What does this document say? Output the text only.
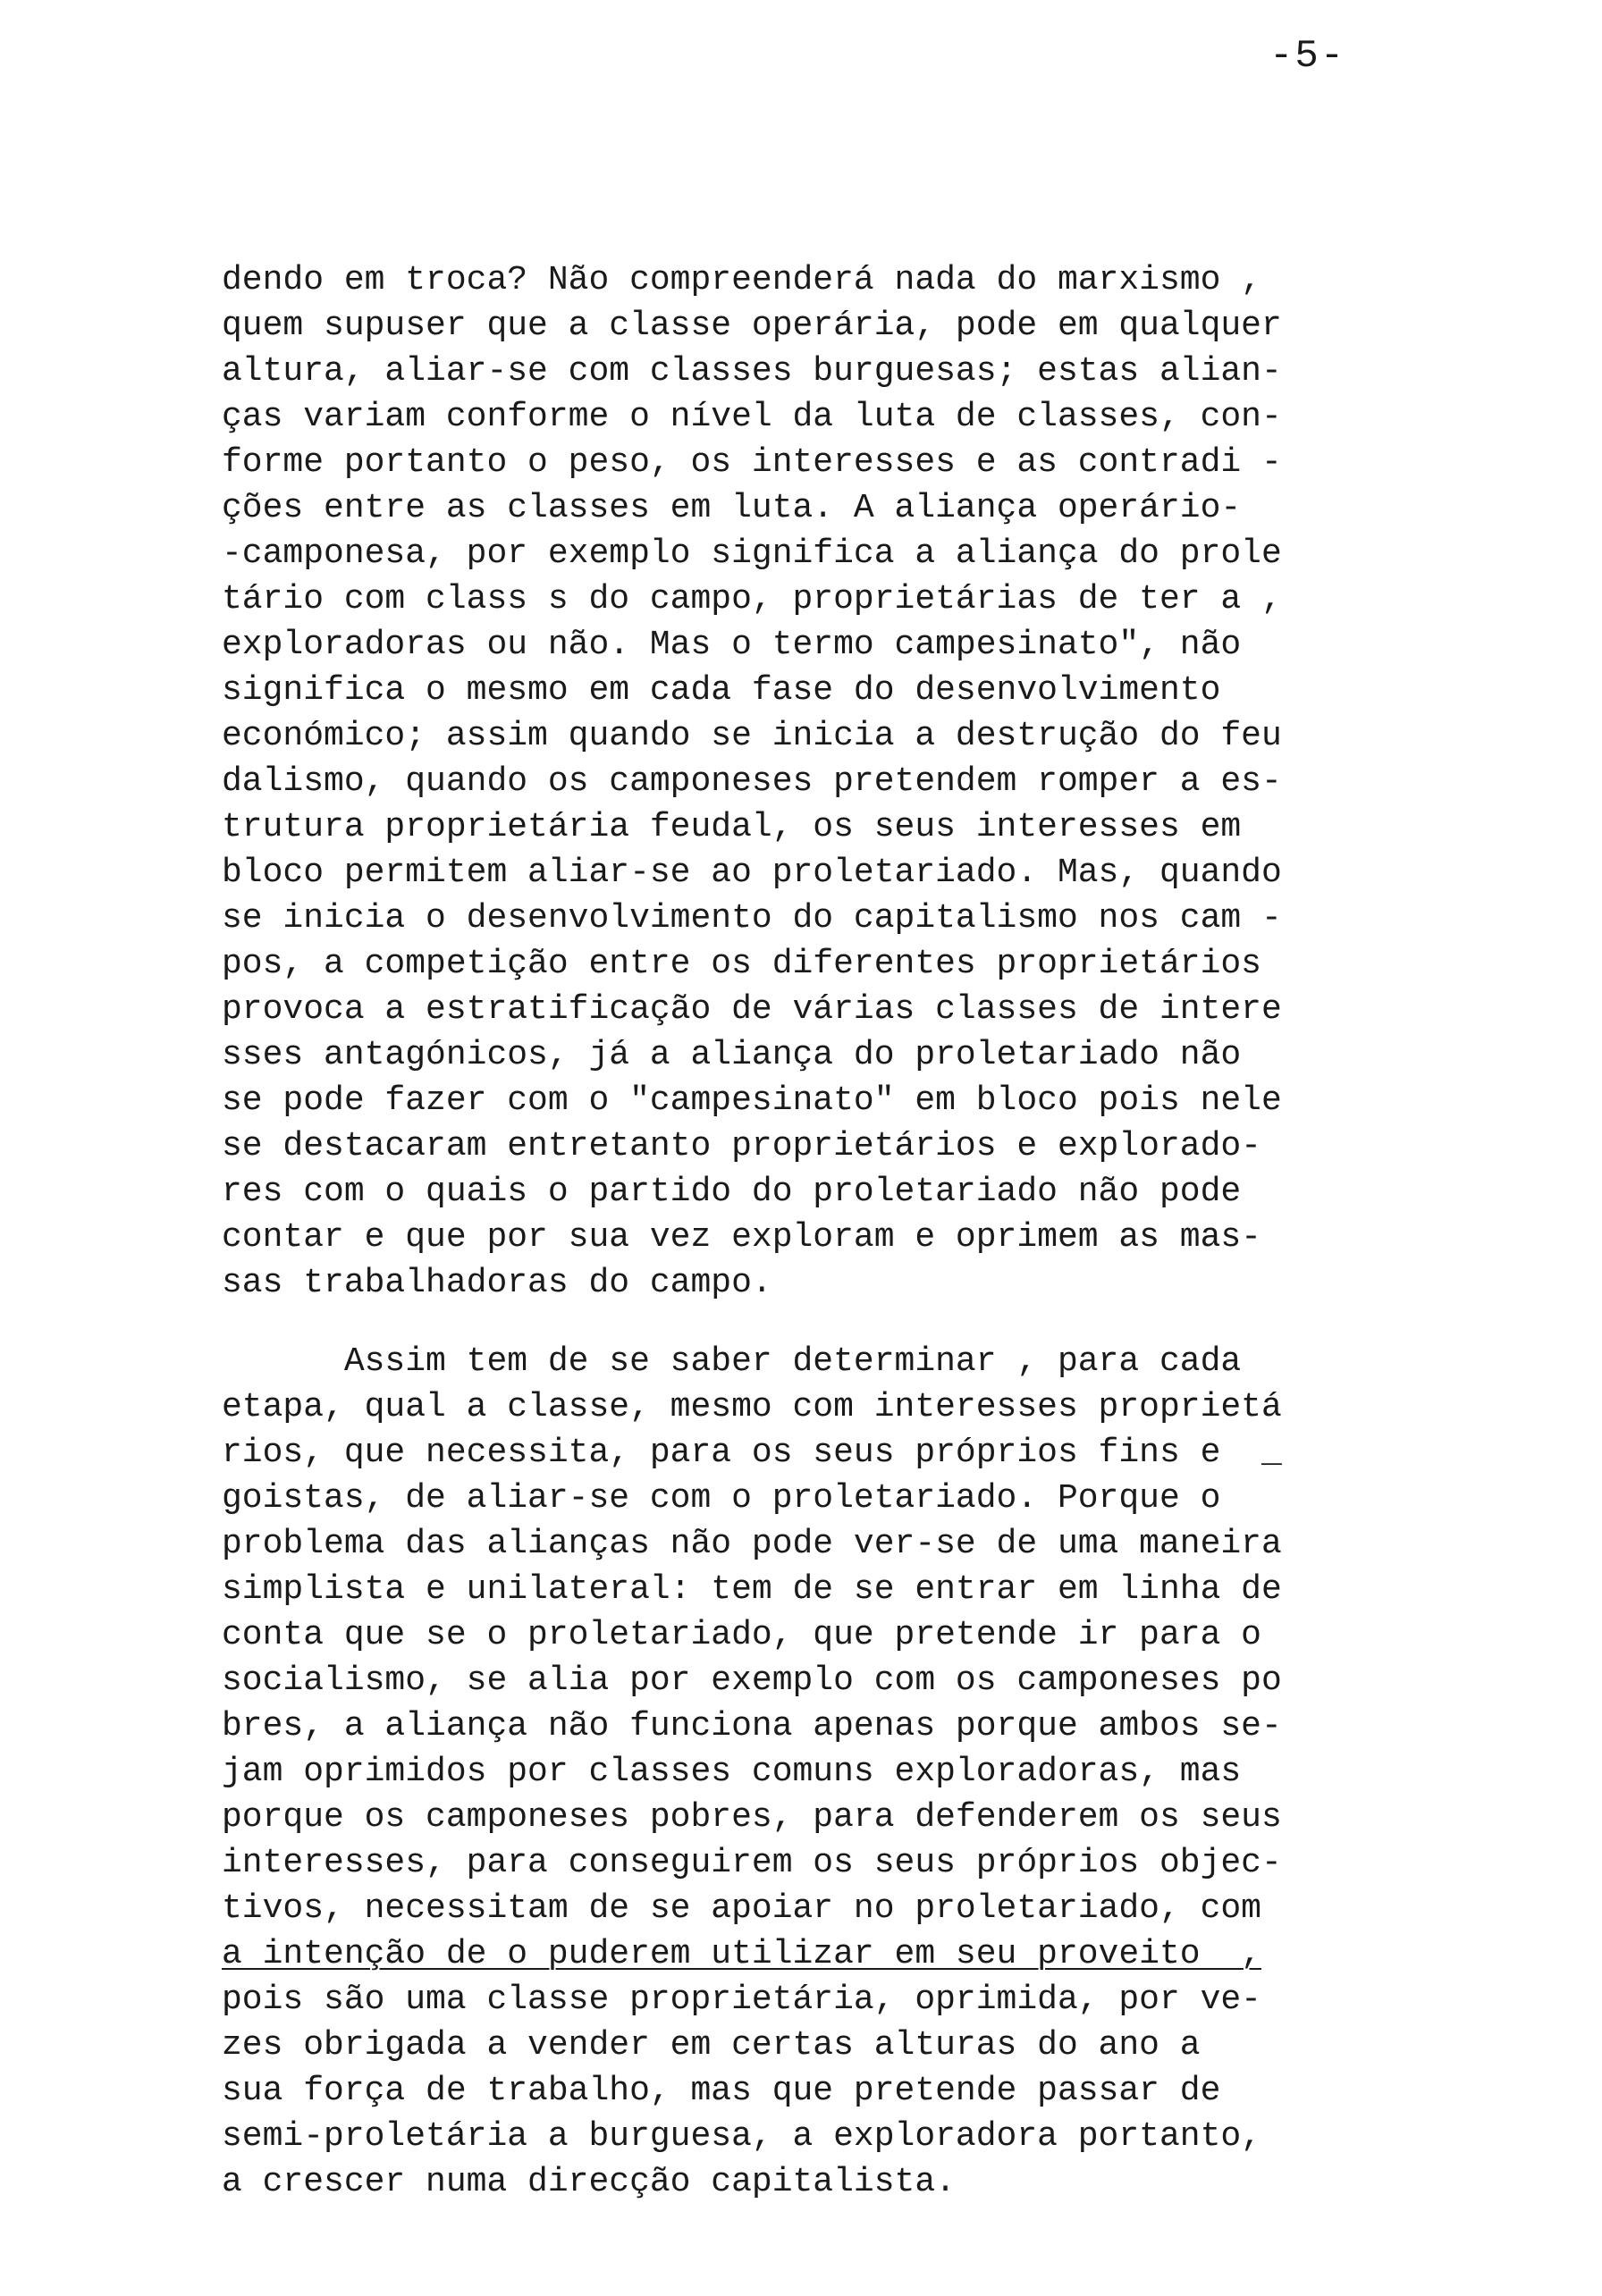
-5-

dendo em troca? Não compreenderá nada do marxismo ,
quem supuser que a classe operária, pode em qualquer
altura, aliar-se com classes burguesas; estas alian-
ças variam conforme o nível da luta de classes, con-
forme portanto o peso, os interesses e as contradi -
ções entre as classes em luta. A aliança operário-
-camponesa, por exemplo significa a aliança do prole
tário com class s do campo, proprietárias de ter a ,
exploradoras ou não. Mas o termo campesinato", não
significa o mesmo em cada fase do desenvolvimento
económico; assim quando se inicia a destrução do feu
dalismo, quando os camponeses pretendem romper a es-
trutura proprietária feudal, os seus interesses em
bloco permitem aliar-se ao proletariado. Mas, quando
se inicia o desenvolvimento do capitalismo nos cam -
pos, a competição entre os diferentes proprietários
provoca a estratificação de várias classes de intere
sses antagónicos, já a aliança do proletariado não
se pode fazer com o "campesinato" em bloco pois nele
se destacaram entretanto proprietários e explorado-
res com o quais o partido do proletariado não pode
contar e que por sua vez exploram e oprimem as mas-
sas trabalhadoras do campo.

Assim tem de se saber determinar , para cada
etapa, qual a classe, mesmo com interesses proprietá
rios, que necessita, para os seus próprios fins e  _
goistas, de aliar-se com o proletariado. Porque o
problema das alianças não pode ver-se de uma maneira
simplista e unilateral: tem de se entrar em linha de
conta que se o proletariado, que pretende ir para o
socialismo, se alia por exemplo com os camponeses po
bres, a aliança não funciona apenas porque ambos se-
jam oprimidos por classes comuns exploradoras, mas
porque os camponeses pobres, para defenderem os seus
interesses, para conseguirem os seus próprios objec-
tivos, necessitam de se apoiar no proletariado, com
a intenção de o puderem utilizar em seu proveito  ,
pois são uma classe proprietária, oprimida, por ve-
zes obrigada a vender em certas alturas do ano a
sua força de trabalho, mas que pretende passar de
semi-proletária a burguesa, a exploradora portanto,
a crescer numa direcção capitalista.
